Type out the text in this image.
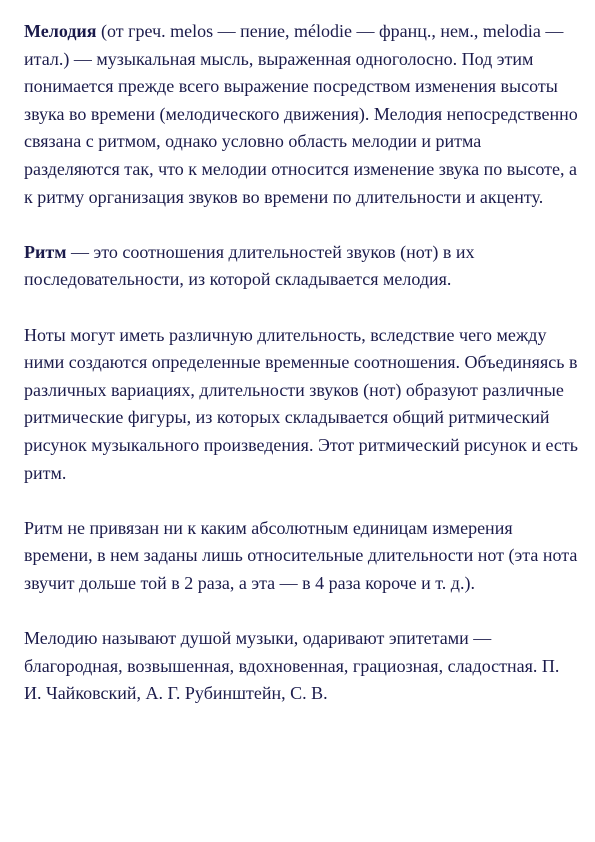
Мелодия (от греч. melos — пение, mélodie — франц., нем., melodia — итал.) — музыкальная мысль, выраженная одноголосно. Под этим понимается прежде всего выражение посредством изменения высоты звука во времени (мелодического движения). Мелодия непосредственно связана с ритмом, однако условно область мелодии и ритма разделяются так, что к мелодии относится изменение звука по высоте, а к ритму организация звуков во времени по длительности и акценту.

Ритм — это соотношения длительностей звуков (нот) в их последовательности, из которой складывается мелодия.

Ноты могут иметь различную длительность, вследствие чего между ними создаются определенные временные соотношения. Объединяясь в различных вариациях, длительности звуков (нот) образуют различные ритмические фигуры, из которых складывается общий ритмический рисунок музыкального произведения. Этот ритмический рисунок и есть ритм.

Ритм не привязан ни к каким абсолютным единицам измерения времени, в нем заданы лишь относительные длительности нот (эта нота звучит дольше той в 2 раза, а эта — в 4 раза короче и т. д.).

Мелодию называют душой музыки, одаривают эпитетами — благородная, возвышенная, вдохновенная, грациозная, сладостная. П. И. Чайковский, А. Г. Рубинштейн, С. В.
